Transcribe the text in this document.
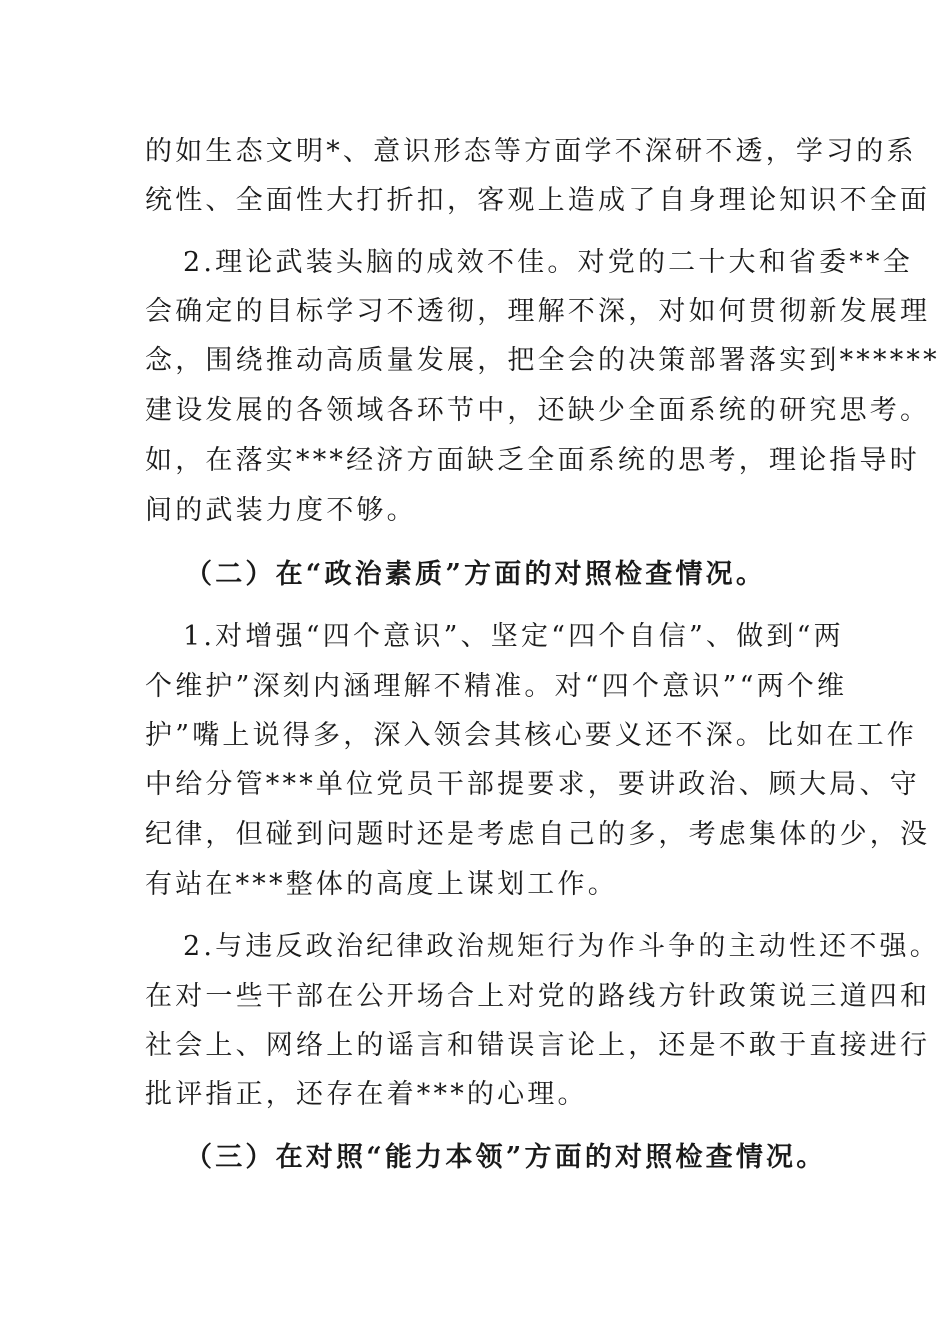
的如生态文明*、意识形态等方面学不深研不透，学习的系
统性、全面性大打折扣，客观上造成了自身理论知识不全面
2.理论武装头脑的成效不佳。对党的二十大和省委**全
会确定的目标学习不透彻，理解不深，对如何贯彻新发展理
念，围绕推动高质量发展，把全会的决策部署落实到******
建设发展的各领域各环节中，还缺少全面系统的研究思考。
如，在落实***经济方面缺乏全面系统的思考，理论指导时
间的武装力度不够。
（二）在“政治素质”方面的对照检查情况。
1.对增强“四个意识”、坚定“四个自信”、做到“两
个维护”深刻内涵理解不精准。对“四个意识”“两个维
护”嘴上说得多，深入领会其核心要义还不深。比如在工作
中给分管***单位党员干部提要求，要讲政治、顾大局、守
纪律，但碰到问题时还是考虑自己的多，考虑集体的少，没
有站在***整体的高度上谋划工作。
2.与违反政治纪律政治规矩行为作斗争的主动性还不强。
在对一些干部在公开场合上对党的路线方针政策说三道四和
社会上、网络上的谣言和错误言论上，还是不敢于直接进行
批评指正，还存在着***的心理。
（三）在对照“能力本领”方面的对照检查情况。
